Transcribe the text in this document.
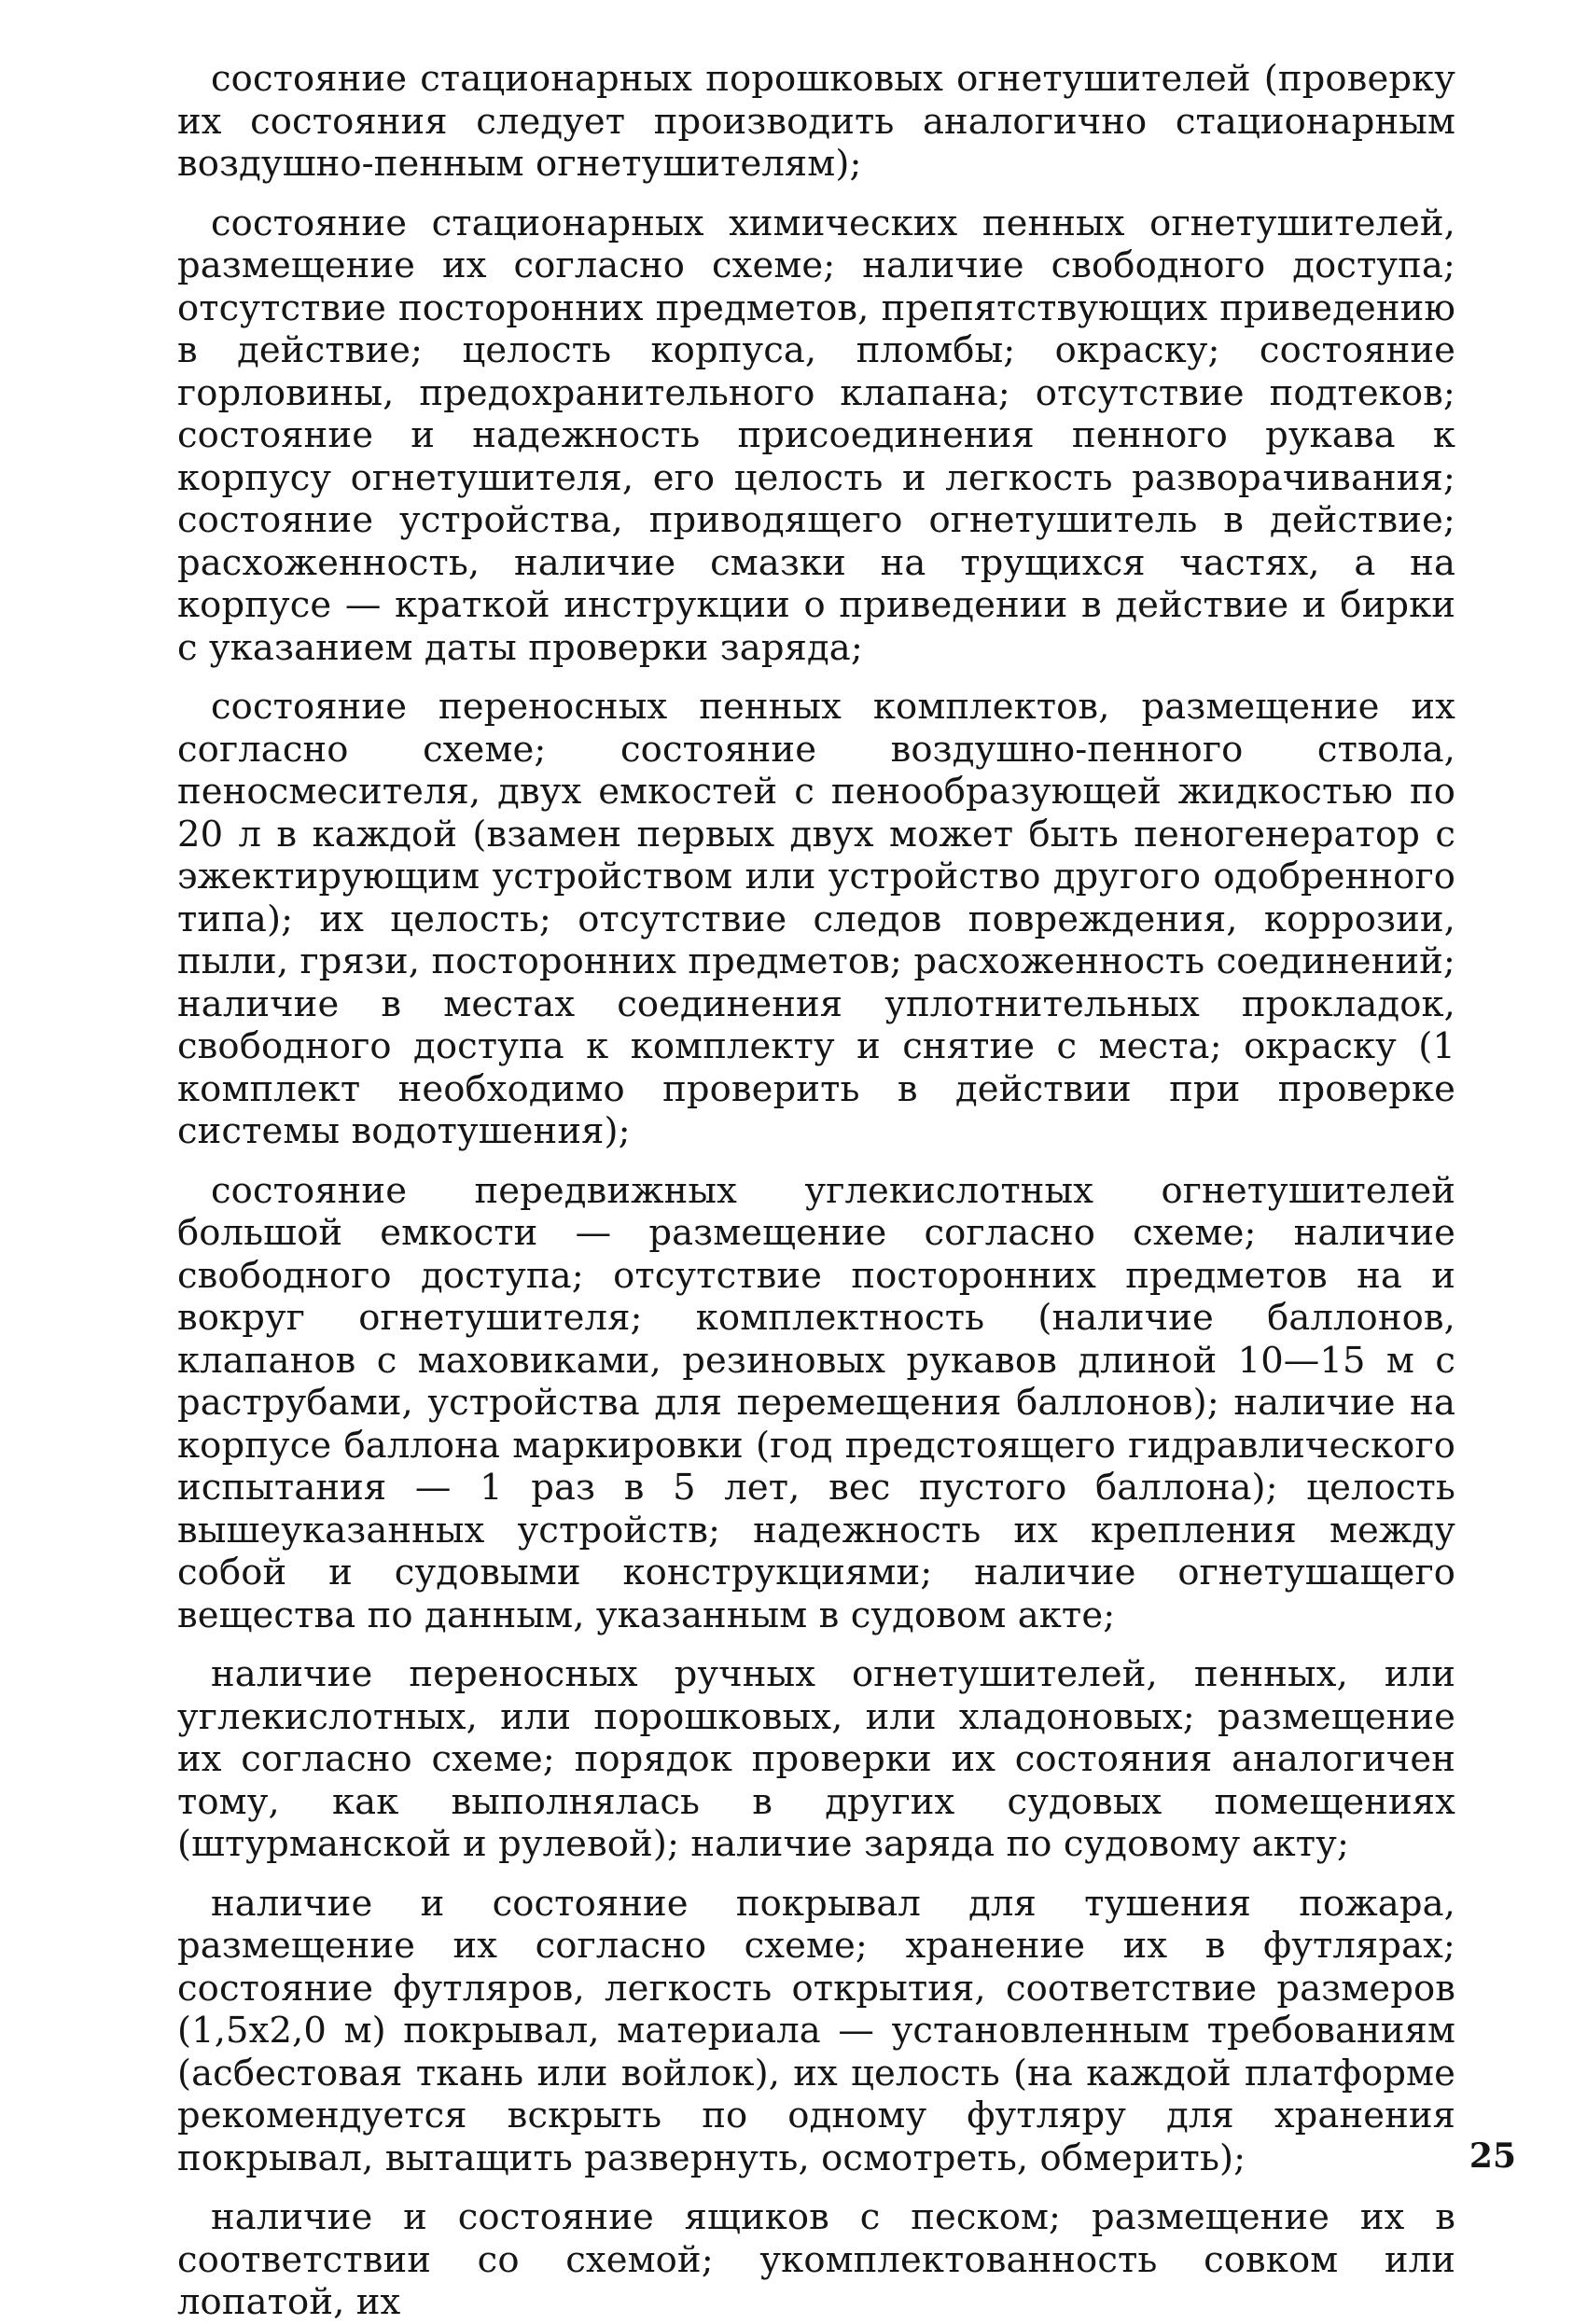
состояние стационарных порошковых огнетушителей (проверку их состояния следует производить аналогично стационарным воздушно-пенным огнетушителям);

состояние стационарных химических пенных огнетушителей, размещение их согласно схеме; наличие свободного доступа; отсутствие посторонних предметов, препятствующих приведению в действие; целость корпуса, пломбы; окраску; состояние горловины, предохранительного клапана; отсутствие подтеков; состояние и надежность присоединения пенного рукава к корпусу огнетушителя, его целость и легкость разворачивания; состояние устройства, приводящего огнетушитель в действие; расхоженность, наличие смазки на трущихся частях, а на корпусе — краткой инструкции о приведении в действие и бирки с указанием даты проверки заряда;

состояние переносных пенных комплектов, размещение их согласно схеме; состояние воздушно-пенного ствола, пеносмесителя, двух емкостей с пенообразующей жидкостью по 20 л в каждой (взамен первых двух может быть пеногенератор с эжектирующим устройством или устройство другого одобренного типа); их целость; отсутствие следов повреждения, коррозии, пыли, грязи, посторонних предметов; расхоженность соединений; наличие в местах соединения уплотнительных прокладок, свободного доступа к комплекту и снятие с места; окраску (1 комплект необходимо проверить в действии при проверке системы водотушения);

состояние передвижных углекислотных огнетушителей большой емкости — размещение согласно схеме; наличие свободного доступа; отсутствие посторонних предметов на и вокруг огнетушителя; комплектность (наличие баллонов, клапанов с маховиками, резиновых рукавов длиной 10—15 м с раструбами, устройства для перемещения баллонов); наличие на корпусе баллона маркировки (год предстоящего гидравлического испытания — 1 раз в 5 лет, вес пустого баллона); целость вышеуказанных устройств; надежность их крепления между собой и судовыми конструкциями; наличие огнетушащего вещества по данным, указанным в судовом акте;

наличие переносных ручных огнетушителей, пенных, или углекислотных, или порошковых, или хладоновых; размещение их согласно схеме; порядок проверки их состояния аналогичен тому, как выполнялась в других судовых помещениях (штурманской и рулевой); наличие заряда по судовому акту;

наличие и состояние покрывал для тушения пожара, размещение их согласно схеме; хранение их в футлярах; состояние футляров, легкость открытия, соответствие размеров (1,5x2,0 м) покрывал, материала — установленным требованиям (асбестовая ткань или войлок), их целость (на каждой платформе рекомендуется вскрыть по одному футляру для хранения покрывал, вытащить развернуть, осмотреть, обмерить);

наличие и состояние ящиков с песком; размещение их в соответствии со схемой; укомплектованность совком или лопатой, их

25
